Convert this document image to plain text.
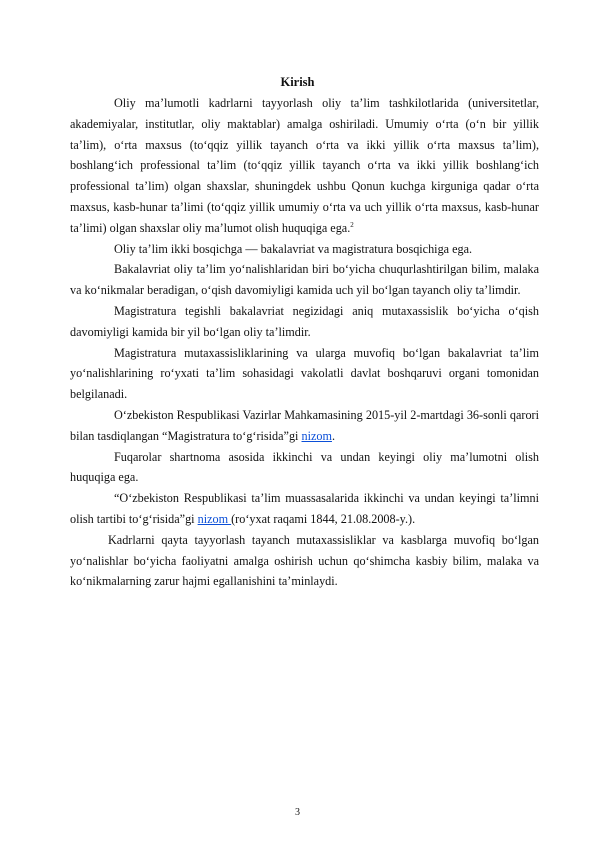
Kirish

Oliy ma’lumotli kadrlarni tayyorlash oliy ta’lim tashkilotlarida (universitetlar, akademiyalar, institutlar, oliy maktablar) amalga oshiriladi. Umumiy o‘rta (o‘n bir yillik ta’lim), o‘rta maxsus (to‘qqiz yillik tayanch o‘rta va ikki yillik o‘rta maxsus ta’lim), boshlang‘ich professional ta’lim (to‘qqiz yillik tayanch o‘rta va ikki yillik boshlang‘ich professional ta’lim) olgan shaxslar, shuningdek ushbu Qonun kuchga kirguniga qadar o‘rta maxsus, kasb-hunar ta’limi (to‘qqiz yillik umumiy o‘rta va uch yillik o‘rta maxsus, kasb-hunar ta’limi) olgan shaxslar oliy ma’lumot olish huquqiga ega.$^2$

Oliy ta’lim ikki bosqichga — bakalavriat va magistratura bosqichiga ega.

Bakalavriat oliy ta’lim yo‘nalishlaridan biri bo‘yicha chuqurlashtirilgan bilim, malaka va ko‘nikmalar beradigan, o‘qish davomiyligi kamida uch yil bo‘lgan tayanch oliy ta’limdir.

Magistratura tegishli bakalavriat negizidagi aniq mutaxassislik bo‘yicha o‘qish davomiyligi kamida bir yil bo‘lgan oliy ta’limdir.

Magistratura mutaxassisliklarining va ularga muvofiq bo‘lgan bakalavriat ta’lim yo‘nalishlarining ro‘yxati ta’lim sohasidagi vakolatli davlat boshqaruvi organi tomonidan belgilanadi.

O‘zbekiston Respublikasi Vazirlar Mahkamasining 2015-yil 2-martdagi 36-sonli qarori bilan tasdiqlangan “Magistratura to‘g‘risida”gi nizom.

Fuqarolar shartnoma asosida ikkinchi va undan keyingi oliy ma’lumotni olish huquqiga ega.

“O‘zbekiston Respublikasi ta’lim muassasalarida ikkinchi va undan keyingi ta’limni olish tartibi to‘g‘risida”gi nizom (ro‘yxat raqami 1844, 21.08.2008-y.).

Kadrlarni qayta tayyorlash tayanch mutaxassisliklar va kasblarga muvofiq bo‘lgan yo‘nalishlar bo‘yicha faoliyatni amalga oshirish uchun qo‘shimcha kasbiy bilim, malaka va ko‘nikmalarning zarur hajmi egallanishini ta’minlaydi.

3
